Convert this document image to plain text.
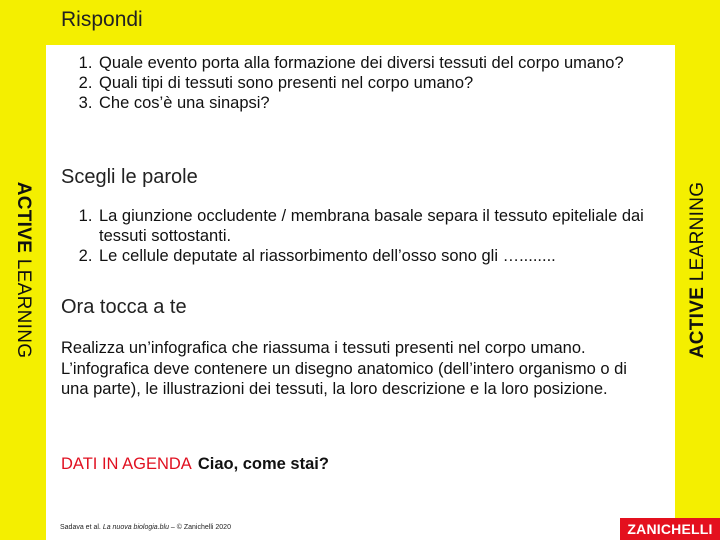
ACTIVE LEARNING	ACTIVE LEARNING
Rispondi
1. Quale evento porta alla formazione dei diversi tessuti del corpo umano?
2. Quali tipi di tessuti sono presenti nel corpo umano?
3. Che cos’è una sinapsi?
Scegli le parole
1. La giunzione occludente / membrana basale separa il tessuto epiteliale dai tessuti sottostanti.
2. Le cellule deputate al riassorbimento dell’osso sono gli …........
Ora tocca a te
Realizza un’infografica che riassuma i tessuti presenti nel corpo umano. L’infografica deve contenere un disegno anatomico (dell’intero organismo o di una parte), le illustrazioni dei tessuti, la loro descrizione e la loro posizione.
DATI IN AGENDA Ciao, come stai?
Sadava et al. La nuova biologia.blu – © Zanichelli 2020	ZANICHELLI
